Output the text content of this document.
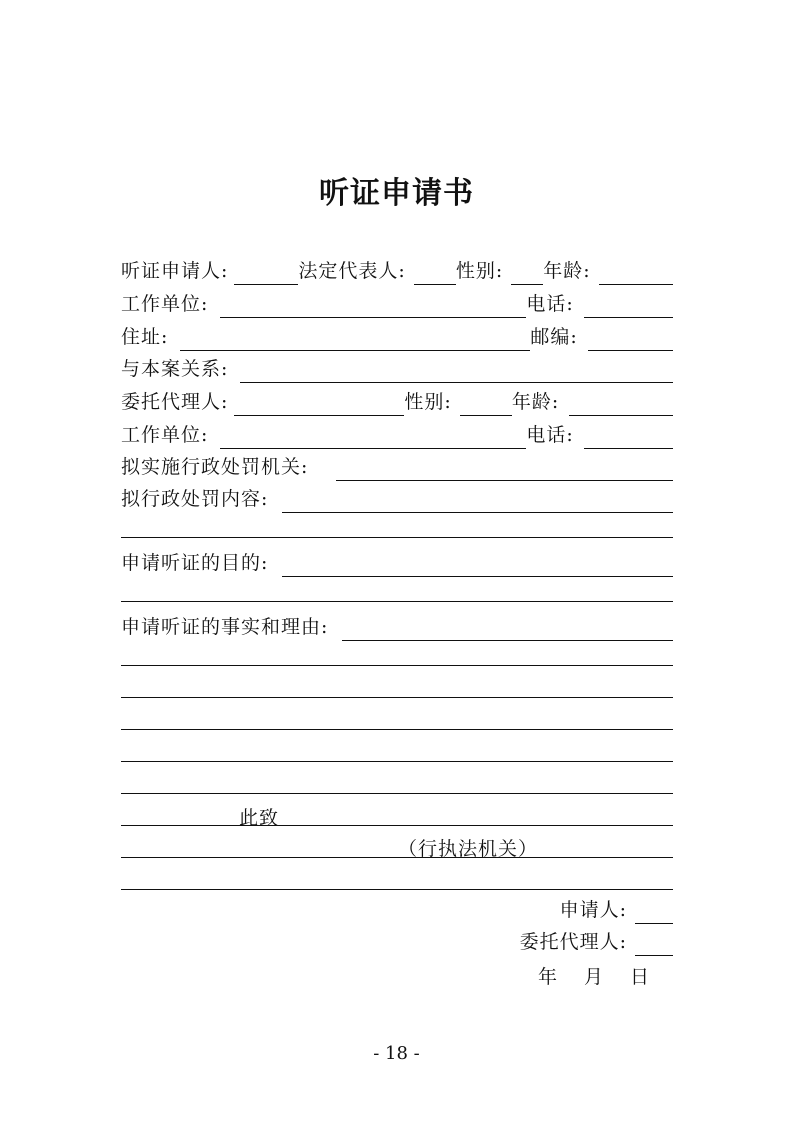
听证申请书
听证申请人:	法定代表人:	性别: 年龄:
工作单位:	电话:
住址:	邮编:
与本案关系:
委托代理人:	性别:	年龄:
工作单位:	电话:
拟实施行政处罚机关:
拟行政处罚内容:
申请听证的目的:
申请听证的事实和理由:
此致
（行执法机关）
申请人:
委托代理人:
年　月　日
- 18 -
